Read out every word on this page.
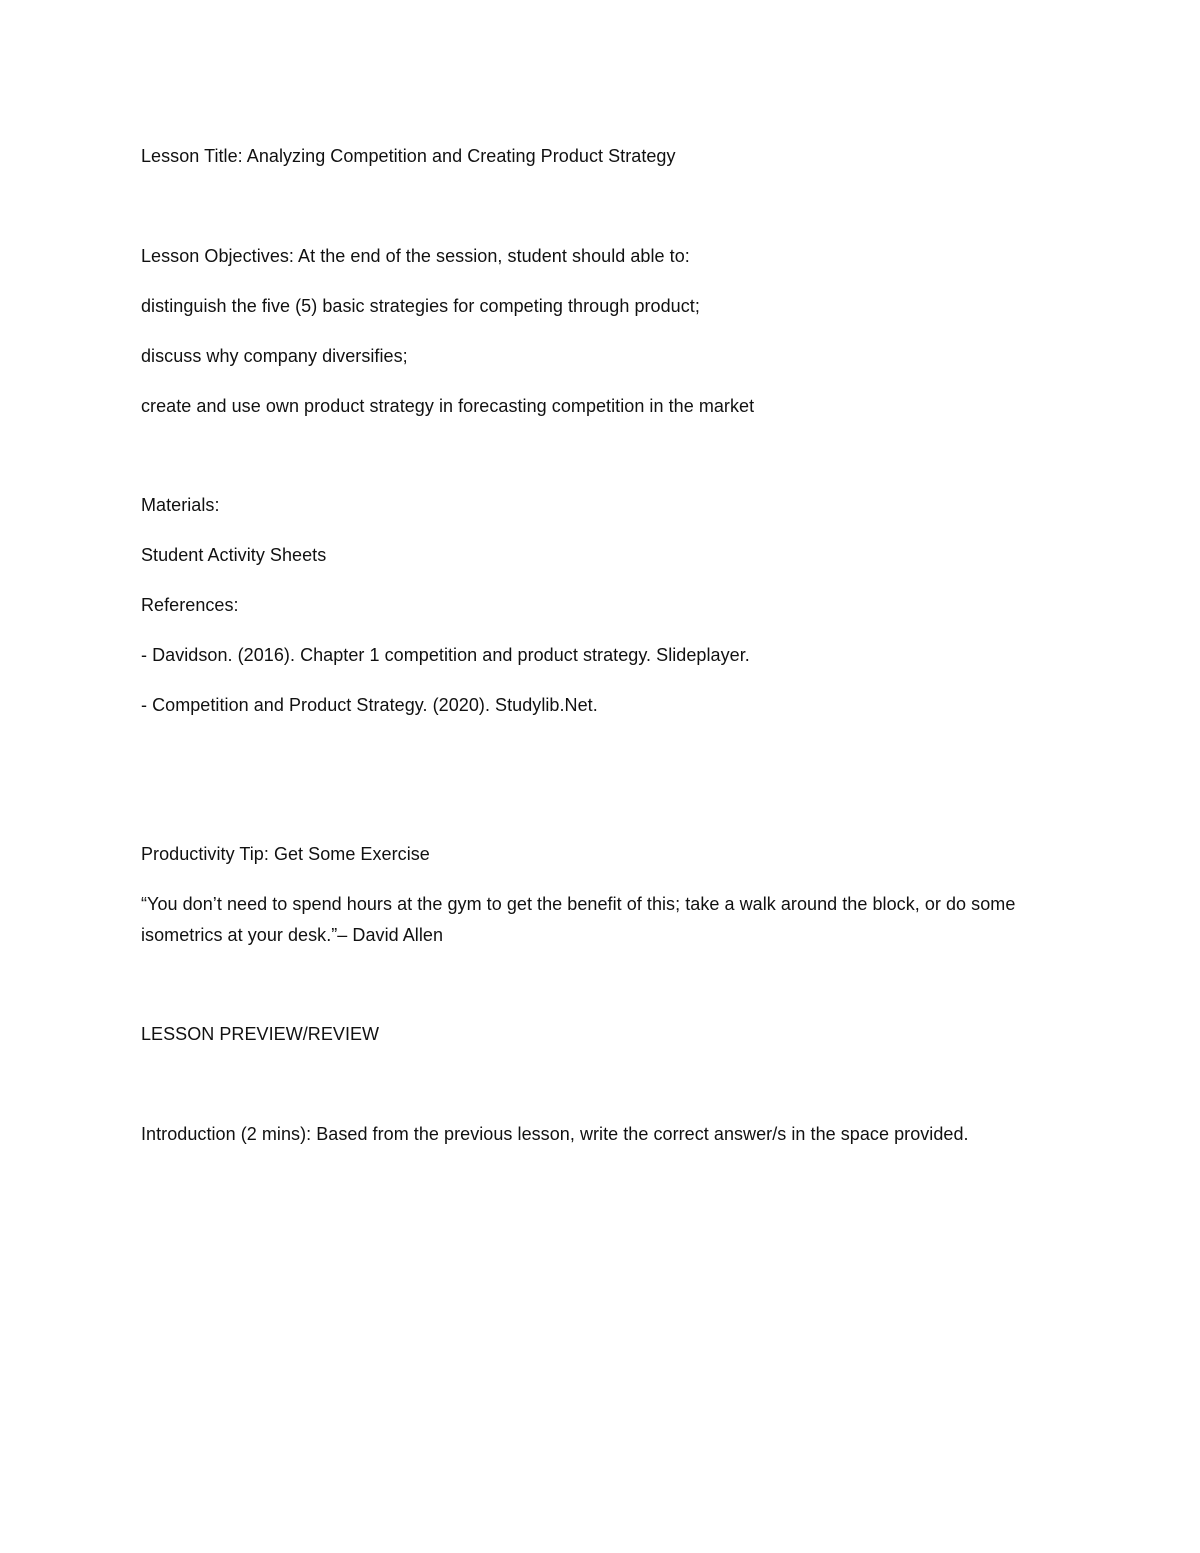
Lesson Title: Analyzing Competition and Creating Product Strategy
Lesson Objectives: At the end of the session, student should able to:
distinguish the five (5) basic strategies for competing through product;
discuss why company diversifies;
create and use own product strategy in forecasting competition in the market
Materials:
Student Activity Sheets
References:
- Davidson. (2016). Chapter 1 competition and product strategy. Slideplayer.
- Competition and Product Strategy. (2020). Studylib.Net.
Productivity Tip: Get Some Exercise
“You don’t need to spend hours at the gym to get the benefit of this; take a walk around the block, or do some isometrics at your desk.”– David Allen
LESSON PREVIEW/REVIEW
Introduction (2 mins): Based from the previous lesson, write the correct answer/s in the space provided.
